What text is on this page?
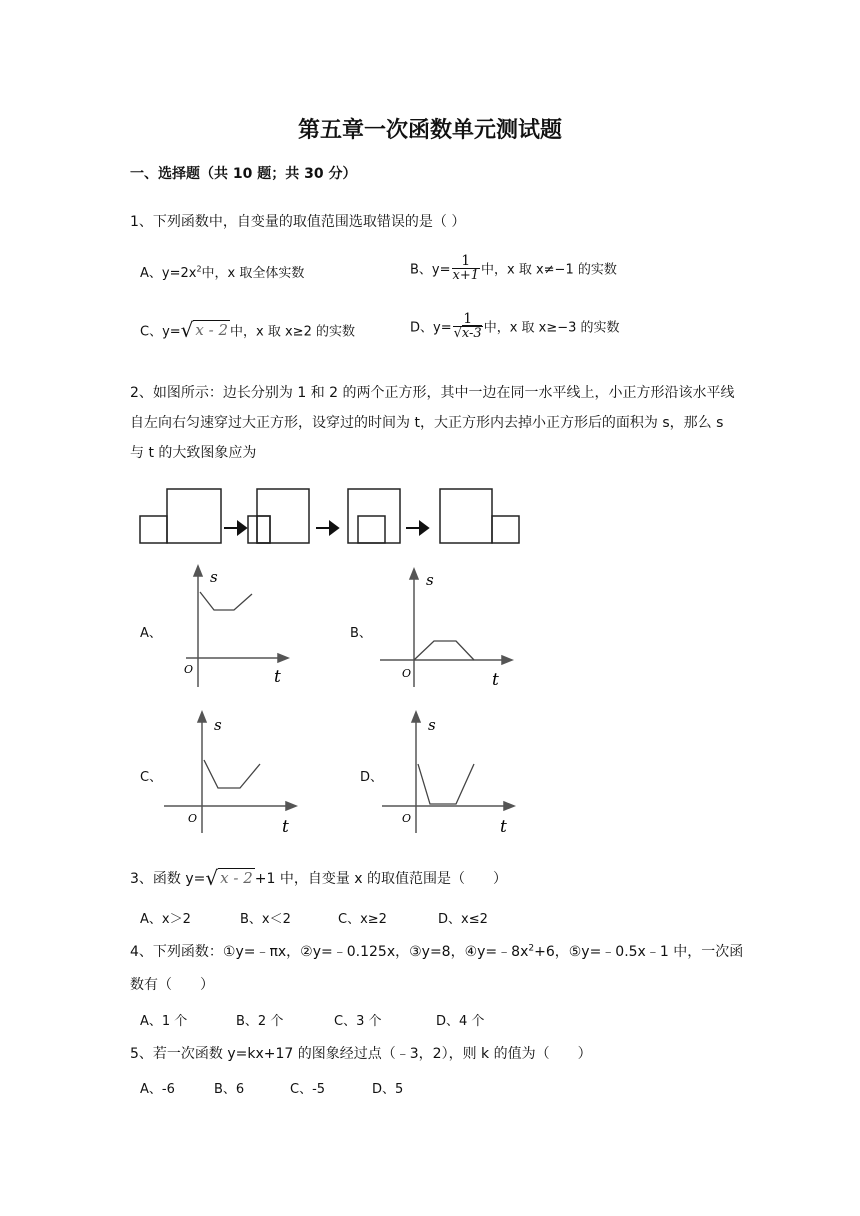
第五章一次函数单元测试题
一、选择题（共 10 题；共 30 分）
1、下列函数中，自变量的取值范围选取错误的是（ ）
A、$y=2x^2$中，x 取全体实数	B、$y= \frac{1}{x+1}$ 中，x 取 x≠−1 的实数
C、y=√ x - 2 中，x 取 x≥2 的实数	D、$y= \frac{1}{√x-3}$ 中，x 取 x≥−3 的实数
2、如图所示：边长分别为 1 和 2 的两个正方形，其中一边在同一水平线上，小正方形沿该水平线自左向右匀速穿过大正方形，设穿过的时间为 t，大正方形内去掉小正方形后的面积为 s，那么 s 与 t 的大致图象应为
A、
s
O	t
B、
s
O	t
C、
s
O	t
D、
s
O	t
3、函数 y=√ x - 2 +1 中，自变量 x 的取值范围是（　　）
A、x＞2	B、x＜2	C、x≥2	D、x≤2
4、下列函数：①y=﹣πx，②y=﹣0.125x，③y=8，$④y=﹣8x^2+6$，⑤y=﹣0.5x﹣1 中，一次函
数有（　　）
A、1 个	B、2 个	C、3 个	D、4 个
5、若一次函数 y=kx+17 的图象经过点（﹣3，2），则 k 的值为（　　）
A、-6	B、6	C、-5	D、5
